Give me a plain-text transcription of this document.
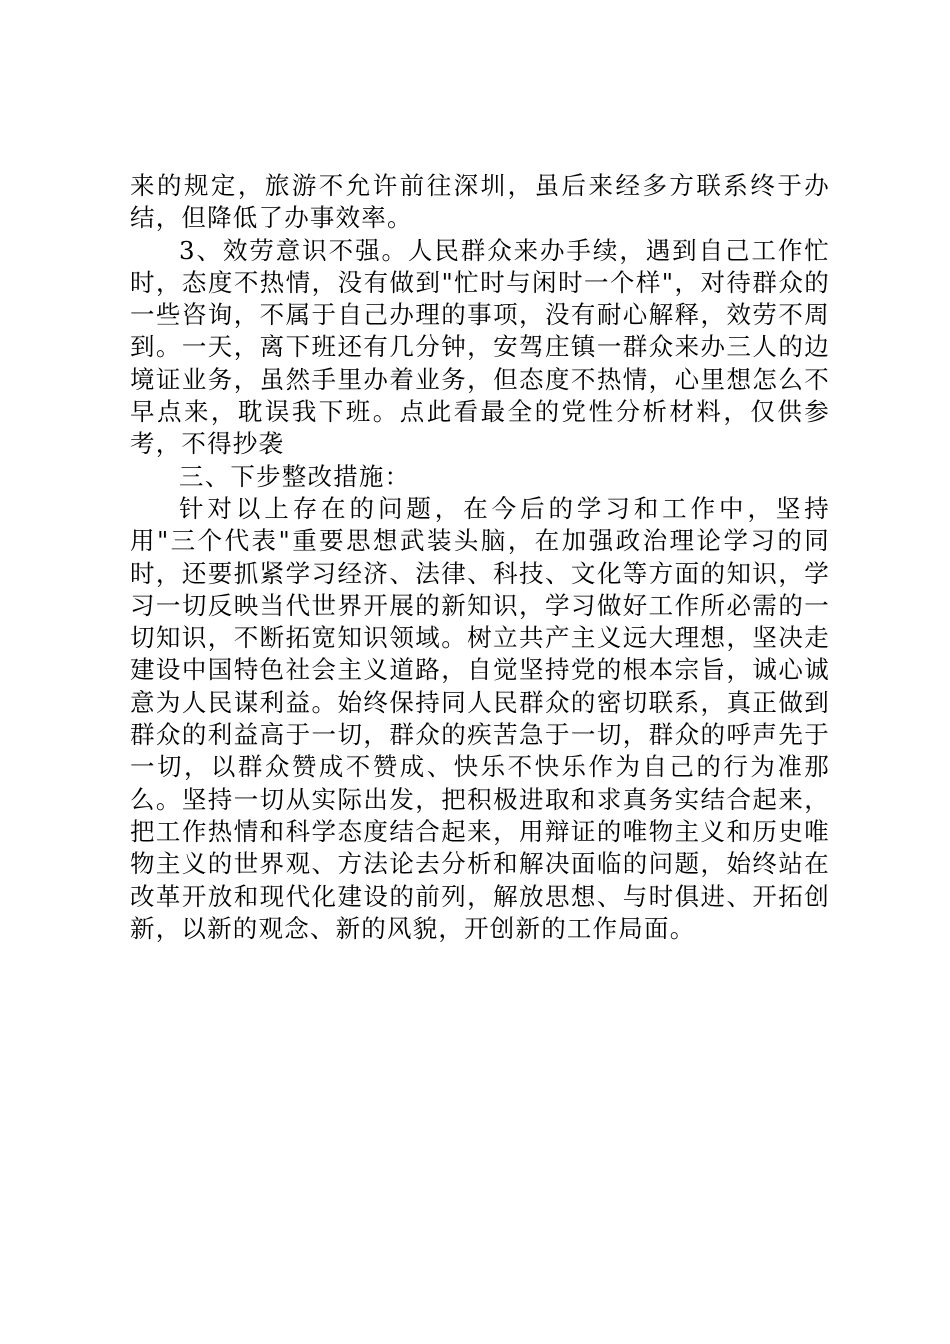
来的规定，旅游不允许前往深圳，虽后来经多方联系终于办结，但降低了办事效率。

3、效劳意识不强。人民群众来办手续，遇到自己工作忙时，态度不热情，没有做到"忙时与闲时一个样"，对待群众的一些咨询，不属于自己办理的事项，没有耐心解释，效劳不周到。一天，离下班还有几分钟，安驾庄镇一群众来办三人的边境证业务，虽然手里办着业务，但态度不热情，心里想怎么不早点来，耽误我下班。点此看最全的党性分析材料，仅供参考，不得抄袭

三、下步整改措施：

针对以上存在的问题，在今后的学习和工作中，坚持用"三个代表"重要思想武装头脑，在加强政治理论学习的同时，还要抓紧学习经济、法律、科技、文化等方面的知识，学习一切反映当代世界开展的新知识，学习做好工作所必需的一切知识，不断拓宽知识领域。树立共产主义远大理想，坚决走建设中国特色社会主义道路，自觉坚持党的根本宗旨，诚心诚意为人民谋利益。始终保持同人民群众的密切联系，真正做到群众的利益高于一切，群众的疾苦急于一切，群众的呼声先于一切，以群众赞成不赞成、快乐不快乐作为自己的行为准那么。坚持一切从实际出发，把积极进取和求真务实结合起来，把工作热情和科学态度结合起来，用辩证的唯物主义和历史唯物主义的世界观、方法论去分析和解决面临的问题，始终站在改革开放和现代化建设的前列，解放思想、与时俱进、开拓创新，以新的观念、新的风貌，开创新的工作局面。
